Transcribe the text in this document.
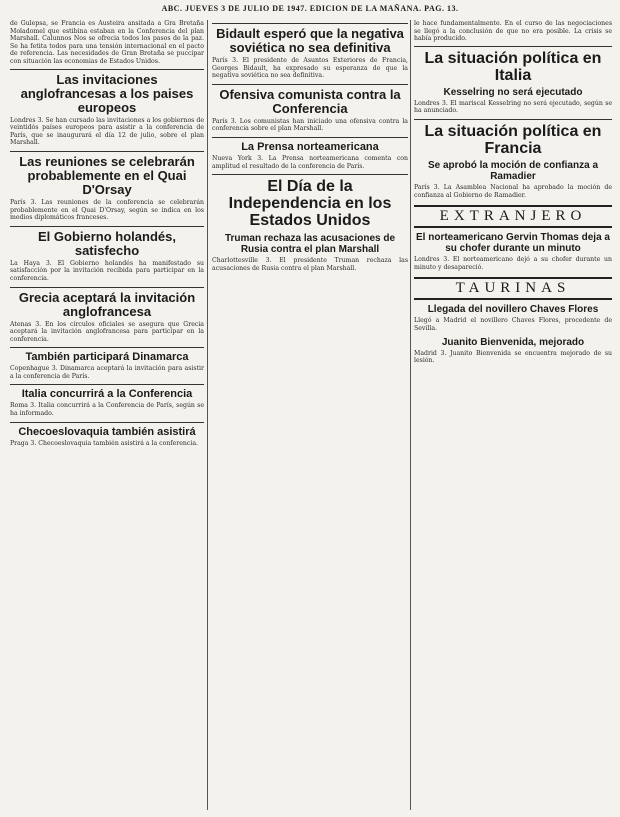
ABC. JUEVES 3 DE JULIO DE 1947. EDICION DE LA MAÑANA. PAG. 13.

de Gulepsa, se Francia es Austeira ansitada a Gra Bretaña Moladomel que estibina estaban en la Conferencia del plan Marshall. Calunnos Nos se ofrecia todos los pasos de la paz. Se ha fetita todos para una tensión internacional en el pacto de referencia. Las necesidades de Gran Bretaña se puccipar con situación las economias de Estados Unidos.

Las invitaciones anglofrancesas a los paises europeos

Londres 3. Se han cursado las invitaciones a los gobiernos de veintidós países europeos para asistir a la conferencia de París, que se inaugurará el día 12 de julio, sobre el plan Marshall.

Las reuniones se celebrarán probablemente en el Quai D'Orsay

París 3. Las reuniones de la conferencia se celebrarán probablemente en el Quai D'Orsay, según se indica en los medios diplomáticos franceses.

El Gobierno holandés, satisfecho

La Haya 3. El Gobierno holandés ha manifestado su satisfacción por la invitación recibida para participar en la conferencia.

Grecia aceptará la invitación anglofrancesa

Atenas 3. En los círculos oficiales se asegura que Grecia aceptará la invitación anglofrancesa para participar en la conferencia.

También participará Dinamarca

Copenhague 3. Dinamarca aceptará la invitación para asistir a la conferencia de París.

Italia concurrirá a la Conferencia

Roma 3. Italia concurrirá a la Conferencia de París, según se ha informado.

Checoeslovaquia también asistirá

Praga 3. Checoeslovaquia también asistirá a la conferencia.

Bidault esperó que la negativa soviética no sea definitiva

París 3. El presidente de Asuntos Exteriores de Francia, Georges Bidault, ha expresado su esperanza de que la negativa soviética no sea definitiva.

Ofensiva comunista contra la Conferencia

París 3. Los comunistas han iniciado una ofensiva contra la conferencia sobre el plan Marshall.

La Prensa norteamericana

Nueva York 3. La Prensa norteamericana comenta con amplitud el resultado de la conferencia de París.

El Día de la Independencia en los Estados Unidos
Truman rechaza las acusaciones de Rusia contra el plan Marshall

Charlottesville 3. El presidente Truman rechaza las acusaciones de Rusia contra el plan Marshall.

le hace fundamentalmente. En el curso de las negociaciones se llegó a la conclusión de que no era posible. La crisis se había producido.

La situación política en Italia
Kesselring no será ejecutado

Londres 3. El mariscal Kesselring no será ejecutado, según se ha anunciado.

La situación política en Francia
Se aprobó la moción de confianza a Ramadier

París 3. La Asamblea Nacional ha aprobado la moción de confianza al Gobierno de Ramadier.

EXTRANJERO
El norteamericano Gervin Thomas deja a su chofer durante un minuto

Londres 3. El norteamericano dejó a su chofer durante un minuto y desapareció.

TAURINAS
Llegada del novillero Chaves Flores

Llegó a Madrid el novillero Chaves Flores, procedente de Sevilla.

Juanito Bienvenida, mejorado

Madrid 3. Juanito Bienvenida se encuentra mejorado de su lesión.
